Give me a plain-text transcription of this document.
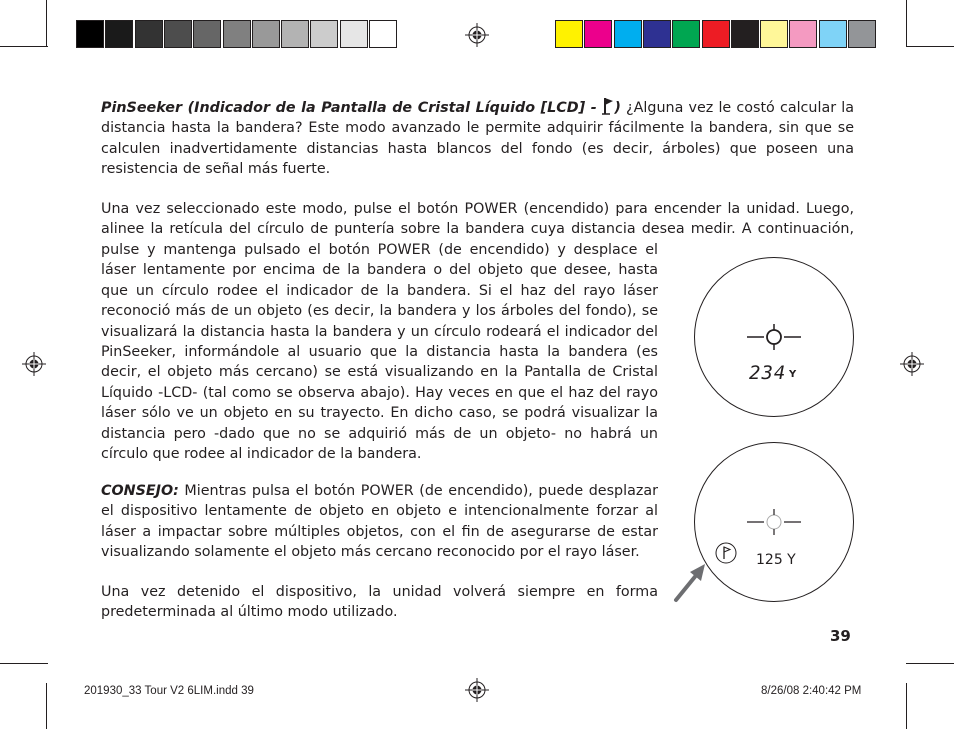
PinSeeker (Indicador de la Pantalla de Cristal Líquido [LCD] - ) ¿Alguna vez le costó calcular la distancia hasta la bandera? Este modo avanzado le permite adquirir fácilmente la bandera, sin que se calculen inadvertidamente distancias hasta blancos del fondo (es decir, árboles) que poseen una resistencia de señal más fuerte.
Una vez seleccionado este modo, pulse el botón POWER (encendido) para encender la unidad. Luego,
alinee la retícula del círculo de puntería sobre la bandera cuya distancia desea medir. A continuación,
pulse y mantenga pulsado el botón POWER (de encendido) y desplace el láser lentamente por encima de la bandera o del objeto que desee, hasta que un círculo rodee el indicador de la bandera. Si el haz del rayo láser reconoció más de un objeto (es decir, la bandera y los árboles del fondo), se visualizará la distancia hasta la bandera y un círculo rodeará el indicador del PinSeeker, informándole al usuario que la distancia hasta la bandera (es decir, el objeto más cercano) se está visualizando en la Pantalla de Cristal Líquido -LCD- (tal como se observa abajo). Hay veces en que el haz del rayo láser sólo ve un objeto en su trayecto. En dicho caso, se podrá visualizar la distancia pero -dado que no se adquirió más de un objeto- no habrá un círculo que rodee al indicador de la bandera.
CONSEJO: Mientras pulsa el botón POWER (de encendido), puede desplazar el dispositivo lentamente de objeto en objeto e intencionalmente forzar al láser a impactar sobre múltiples objetos, con el fin de asegurarse de estar visualizando solamente el objeto más cercano reconocido por el rayo láser.
Una vez detenido el dispositivo, la unidad volverá siempre en forma predeterminada al último modo utilizado.
234 Y
125 Y
39
201930_33 Tour V2 6LIM.indd 39	8/26/08 2:40:42 PM
